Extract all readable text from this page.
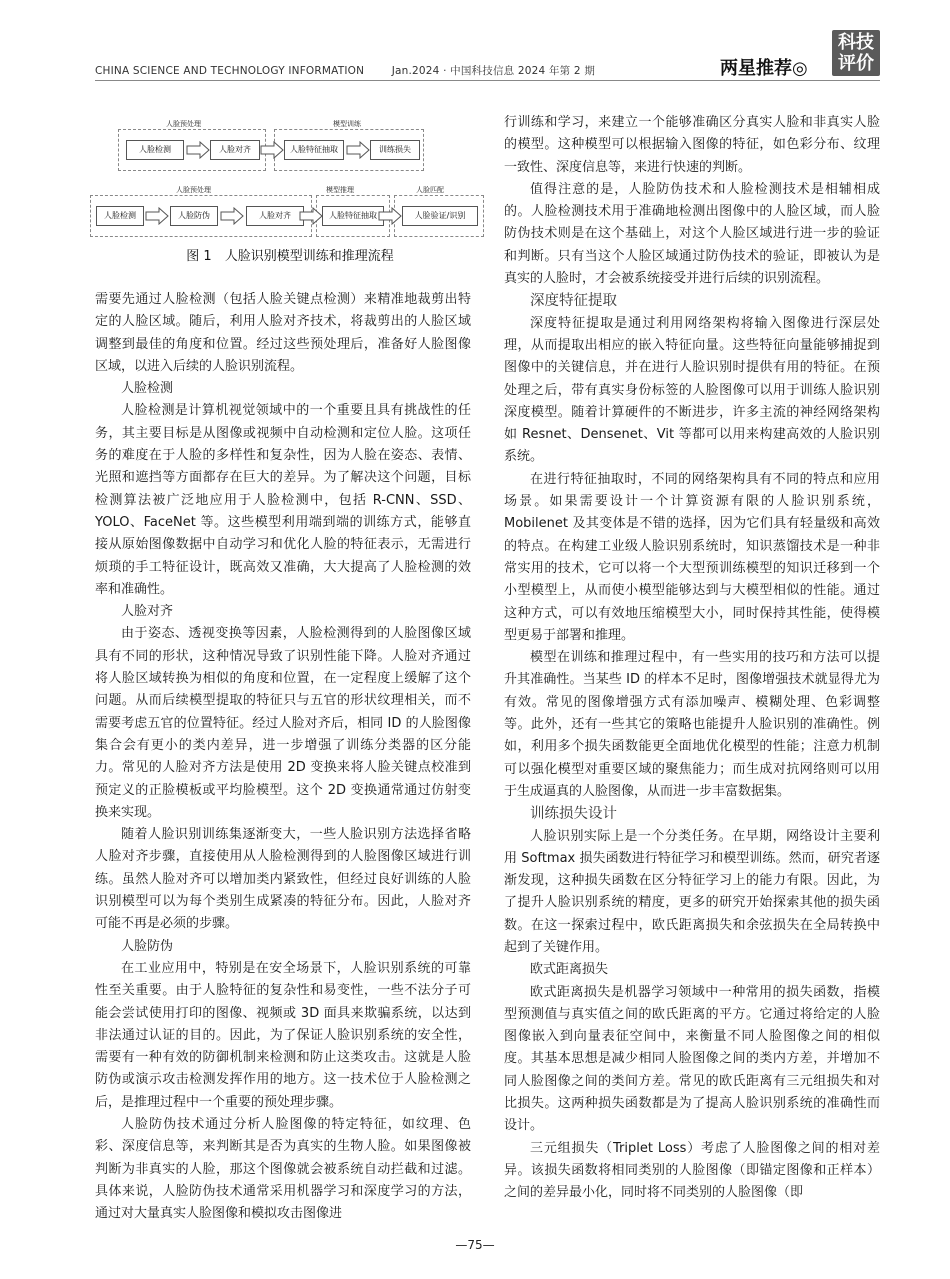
CHINA SCIENCE AND TECHNOLOGY INFORMATION	Jan.2024 · 中国科技信息 2024 年第 2 期	两星推荐◎
科技
评价
人脸预处理	模型训练
人脸检测	人脸对齐	人脸特征抽取	训练损失
人脸预处理	模型推理	人脸匹配
人脸检测	人脸防伪	人脸对齐	人脸特征抽取	人脸验证/识别
图 1　人脸识别模型训练和推理流程

需要先通过人脸检测（包括人脸关键点检测）来精准地裁剪出特定的人脸区域。随后，利用人脸对齐技术，将裁剪出的人脸区域调整到最佳的角度和位置。经过这些预处理后，准备好人脸图像区域，以进入后续的人脸识别流程。

人脸检测

人脸检测是计算机视觉领域中的一个重要且具有挑战性的任务，其主要目标是从图像或视频中自动检测和定位人脸。这项任务的难度在于人脸的多样性和复杂性，因为人脸在姿态、表情、光照和遮挡等方面都存在巨大的差异。为了解决这个问题，目标检测算法被广泛地应用于人脸检测中，包括 R-CNN、SSD、YOLO、FaceNet 等。这些模型利用端到端的训练方式，能够直接从原始图像数据中自动学习和优化人脸的特征表示，无需进行烦琐的手工特征设计，既高效又准确，大大提高了人脸检测的效率和准确性。

人脸对齐

由于姿态、透视变换等因素，人脸检测得到的人脸图像区域具有不同的形状，这种情况导致了识别性能下降。人脸对齐通过将人脸区域转换为相似的角度和位置，在一定程度上缓解了这个问题。从而后续模型提取的特征只与五官的形状纹理相关，而不需要考虑五官的位置特征。经过人脸对齐后，相同 ID 的人脸图像集合会有更小的类内差异，进一步增强了训练分类器的区分能力。常见的人脸对齐方法是使用 2D 变换来将人脸关键点校准到预定义的正脸模板或平均脸模型。这个 2D 变换通常通过仿射变换来实现。

随着人脸识别训练集逐渐变大，一些人脸识别方法选择省略人脸对齐步骤，直接使用从人脸检测得到的人脸图像区域进行训练。虽然人脸对齐可以增加类内紧致性，但经过良好训练的人脸识别模型可以为每个类别生成紧凑的特征分布。因此，人脸对齐可能不再是必须的步骤。

人脸防伪

在工业应用中，特别是在安全场景下，人脸识别系统的可靠性至关重要。由于人脸特征的复杂性和易变性，一些不法分子可能会尝试使用打印的图像、视频或 3D 面具来欺骗系统，以达到非法通过认证的目的。因此，为了保证人脸识别系统的安全性，需要有一种有效的防御机制来检测和防止这类攻击。这就是人脸防伪或演示攻击检测发挥作用的地方。这一技术位于人脸检测之后，是推理过程中一个重要的预处理步骤。

人脸防伪技术通过分析人脸图像的特定特征，如纹理、色彩、深度信息等，来判断其是否为真实的生物人脸。如果图像被判断为非真实的人脸，那这个图像就会被系统自动拦截和过滤。具体来说，人脸防伪技术通常采用机器学习和深度学习的方法，通过对大量真实人脸图像和模拟攻击图像进

行训练和学习，来建立一个能够准确区分真实人脸和非真实人脸的模型。这种模型可以根据输入图像的特征，如色彩分布、纹理一致性、深度信息等，来进行快速的判断。

值得注意的是，人脸防伪技术和人脸检测技术是相辅相成的。人脸检测技术用于准确地检测出图像中的人脸区域，而人脸防伪技术则是在这个基础上，对这个人脸区域进行进一步的验证和判断。只有当这个人脸区域通过防伪技术的验证，即被认为是真实的人脸时，才会被系统接受并进行后续的识别流程。

深度特征提取

深度特征提取是通过利用网络架构将输入图像进行深层处理，从而提取出相应的嵌入特征向量。这些特征向量能够捕捉到图像中的关键信息，并在进行人脸识别时提供有用的特征。在预处理之后，带有真实身份标签的人脸图像可以用于训练人脸识别深度模型。随着计算硬件的不断进步，许多主流的神经网络架构如 Resnet、Densenet、Vit 等都可以用来构建高效的人脸识别系统。

在进行特征抽取时，不同的网络架构具有不同的特点和应用场景。如果需要设计一个计算资源有限的人脸识别系统，Mobilenet 及其变体是不错的选择，因为它们具有轻量级和高效的特点。在构建工业级人脸识别系统时，知识蒸馏技术是一种非常实用的技术，它可以将一个大型预训练模型的知识迁移到一个小型模型上，从而使小模型能够达到与大模型相似的性能。通过这种方式，可以有效地压缩模型大小，同时保持其性能，使得模型更易于部署和推理。

模型在训练和推理过程中，有一些实用的技巧和方法可以提升其准确性。当某些 ID 的样本不足时，图像增强技术就显得尤为有效。常见的图像增强方式有添加噪声、模糊处理、色彩调整等。此外，还有一些其它的策略也能提升人脸识别的准确性。例如，利用多个损失函数能更全面地优化模型的性能；注意力机制可以强化模型对重要区域的聚焦能力；而生成对抗网络则可以用于生成逼真的人脸图像，从而进一步丰富数据集。

训练损失设计

人脸识别实际上是一个分类任务。在早期，网络设计主要利用 Softmax 损失函数进行特征学习和模型训练。然而，研究者逐渐发现，这种损失函数在区分特征学习上的能力有限。因此，为了提升人脸识别系统的精度，更多的研究开始探索其他的损失函数。在这一探索过程中，欧氏距离损失和余弦损失在全局转换中起到了关键作用。

欧式距离损失

欧式距离损失是机器学习领域中一种常用的损失函数，指模型预测值与真实值之间的欧氏距离的平方。它通过将给定的人脸图像嵌入到向量表征空间中，来衡量不同人脸图像之间的相似度。其基本思想是减少相同人脸图像之间的类内方差，并增加不同人脸图像之间的类间方差。常见的欧氏距离有三元组损失和对比损失。这两种损失函数都是为了提高人脸识别系统的准确性而设计。

三元组损失（Triplet Loss）考虑了人脸图像之间的相对差异。该损失函数将相同类别的人脸图像（即锚定图像和正样本）之间的差异最小化，同时将不同类别的人脸图像（即

—75—
